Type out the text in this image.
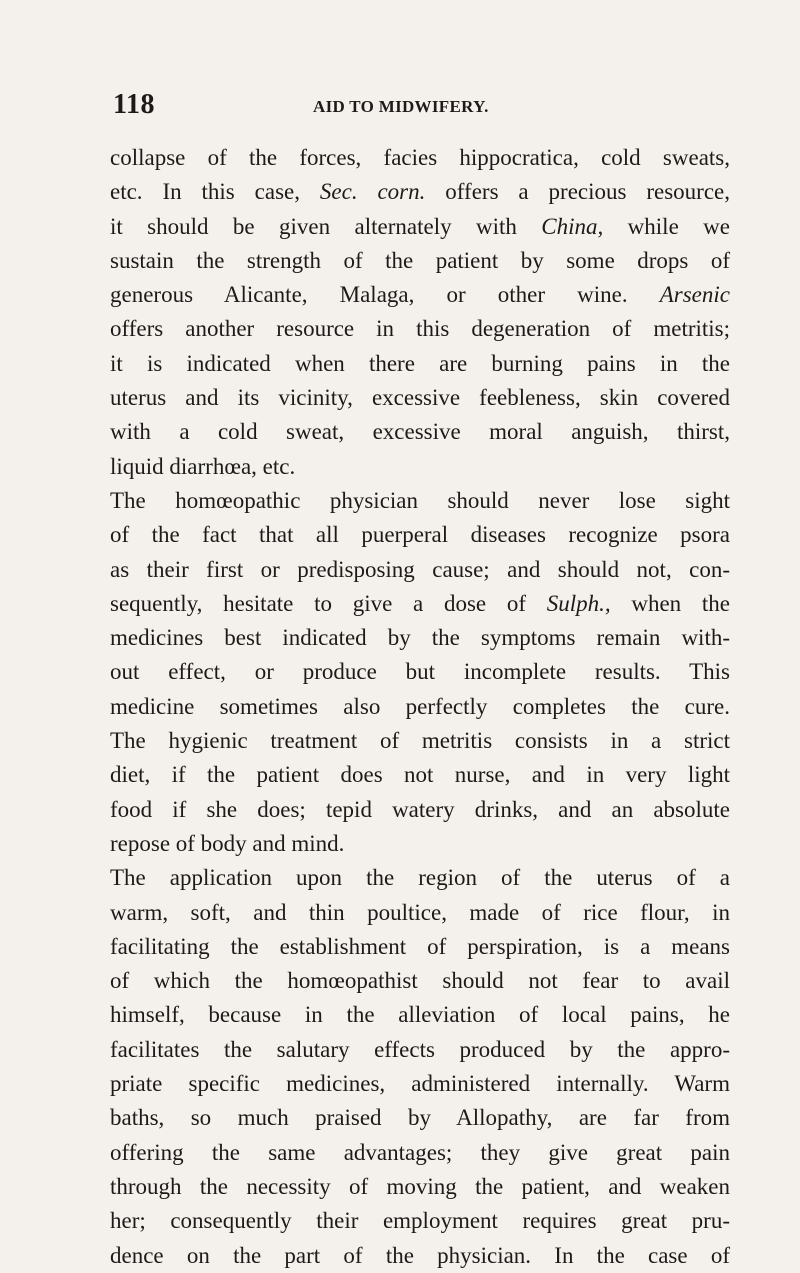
118	AID TO MIDWIFERY.
collapse of the forces, facies hippocratica, cold sweats,
etc. In this case, Sec. corn. offers a precious resource,
it should be given alternately with China, while we
sustain the strength of the patient by some drops of
generous Alicante, Malaga, or other wine. Arsenic
offers another resource in this degeneration of metritis;
it is indicated when there are burning pains in the
uterus and its vicinity, excessive feebleness, skin covered
with a cold sweat, excessive moral anguish, thirst,
liquid diarrhœa, etc.
The homœopathic physician should never lose sight
of the fact that all puerperal diseases recognize psora
as their first or predisposing cause; and should not, con-
sequently, hesitate to give a dose of Sulph., when the
medicines best indicated by the symptoms remain with-
out effect, or produce but incomplete results. This
medicine sometimes also perfectly completes the cure.
The hygienic treatment of metritis consists in a strict
diet, if the patient does not nurse, and in very light
food if she does; tepid watery drinks, and an absolute
repose of body and mind.
The application upon the region of the uterus of a
warm, soft, and thin poultice, made of rice flour, in
facilitating the establishment of perspiration, is a means
of which the homœopathist should not fear to avail
himself, because in the alleviation of local pains, he
facilitates the salutary effects produced by the appro-
priate specific medicines, administered internally. Warm
baths, so much praised by Allopathy, are far from
offering the same advantages; they give great pain
through the necessity of moving the patient, and weaken
her; consequently their employment requires great pru-
dence on the part of the physician. In the case of
